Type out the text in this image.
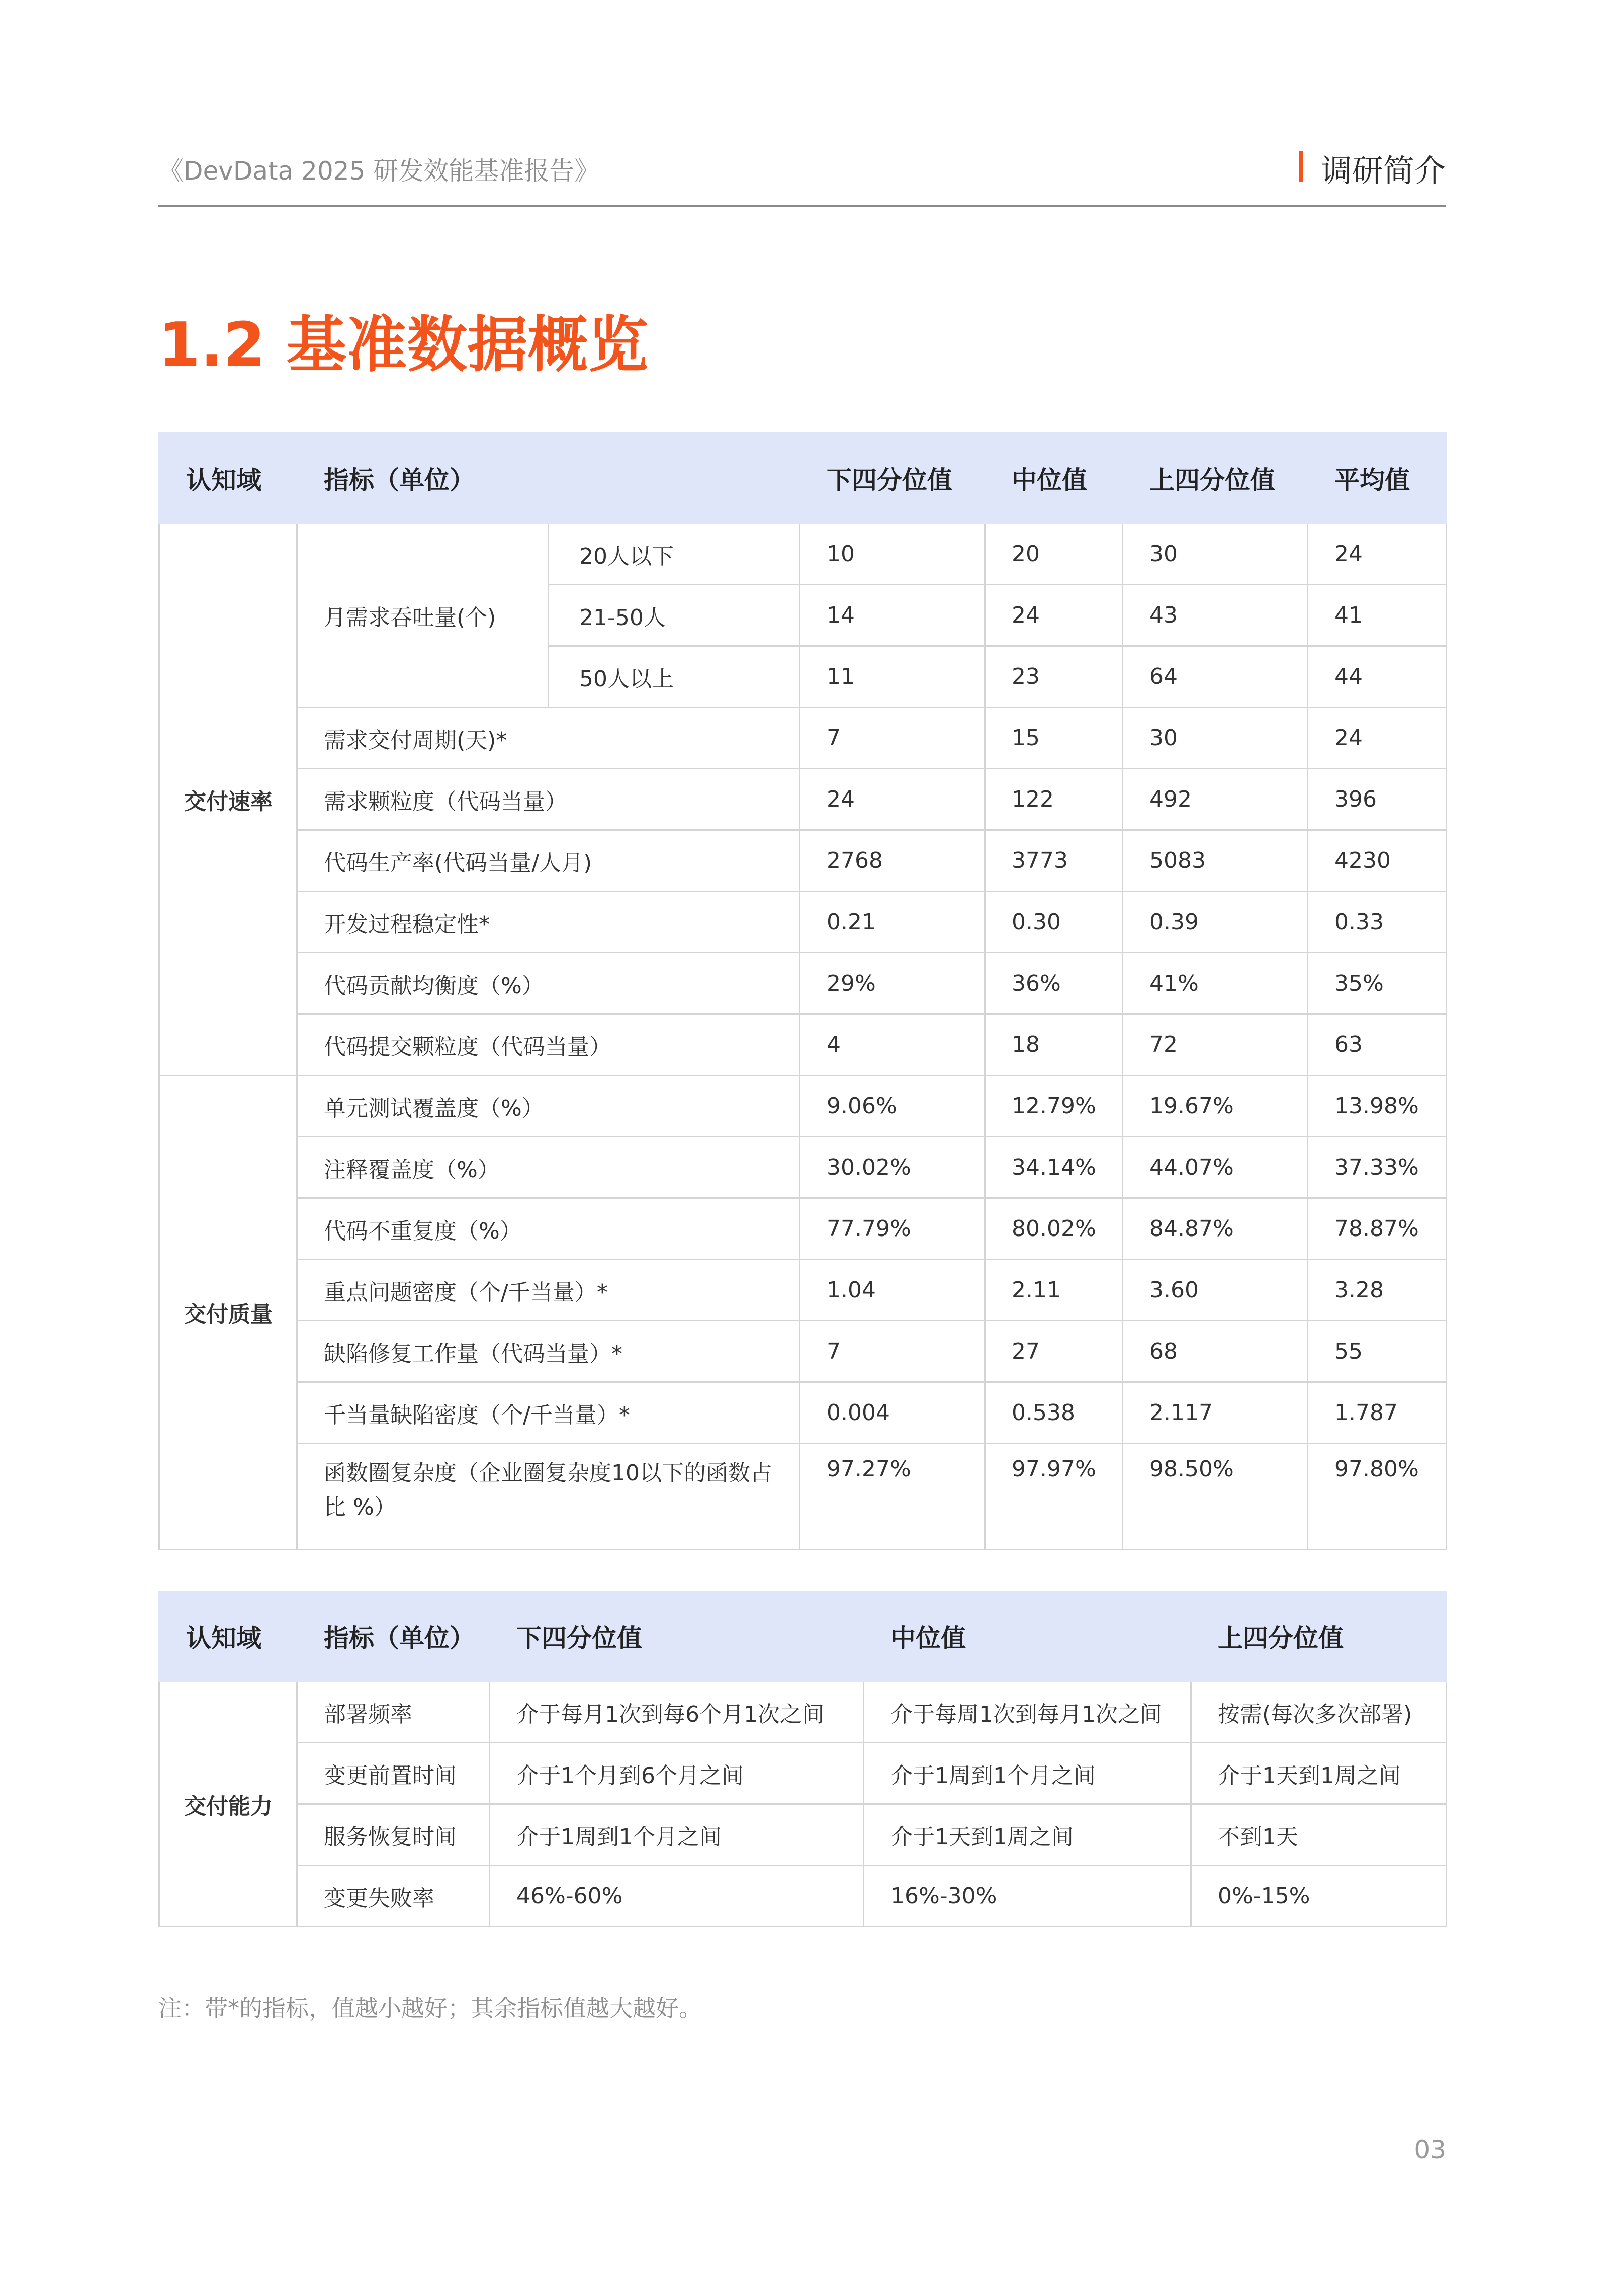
《DevData 2025 研发效能基准报告》	调研简介
1.2 基准数据概览
认知域	指标（单位）		下四分位值	中位值	上四分位值	平均值
交付速率	月需求吞吐量(个)	20人以下	10	20	30	24
		21-50人	14	24	43	41
		50人以上	11	23	64	44
	需求交付周期(天)*		7	15	30	24
	需求颗粒度（代码当量）		24	122	492	396
	代码生产率(代码当量/人月)		2768	3773	5083	4230
	开发过程稳定性*		0.21	0.30	0.39	0.33
	代码贡献均衡度（%）		29%	36%	41%	35%
	代码提交颗粒度（代码当量）		4	18	72	63
交付质量	单元测试覆盖度（%）		9.06%	12.79%	19.67%	13.98%
	注释覆盖度（%）		30.02%	34.14%	44.07%	37.33%
	代码不重复度（%）		77.79%	80.02%	84.87%	78.87%
	重点问题密度（个/千当量）*		1.04	2.11	3.60	3.28
	缺陷修复工作量（代码当量）*		7	27	68	55
	千当量缺陷密度（个/千当量）*		0.004	0.538	2.117	1.787
	函数圈复杂度（企业圈复杂度10以下的函数占比 %）		97.27%	97.97%	98.50%	97.80%
认知域	指标（单位）	下四分位值	中位值	上四分位值
交付能力	部署频率	介于每月1次到每6个月1次之间	介于每周1次到每月1次之间	按需(每次多次部署)
	变更前置时间	介于1个月到6个月之间	介于1周到1个月之间	介于1天到1周之间
	服务恢复时间	介于1周到1个月之间	介于1天到1周之间	不到1天
	变更失败率	46%-60%	16%-30%	0%-15%
注：带*的指标，值越小越好；其余指标值越大越好。
03
